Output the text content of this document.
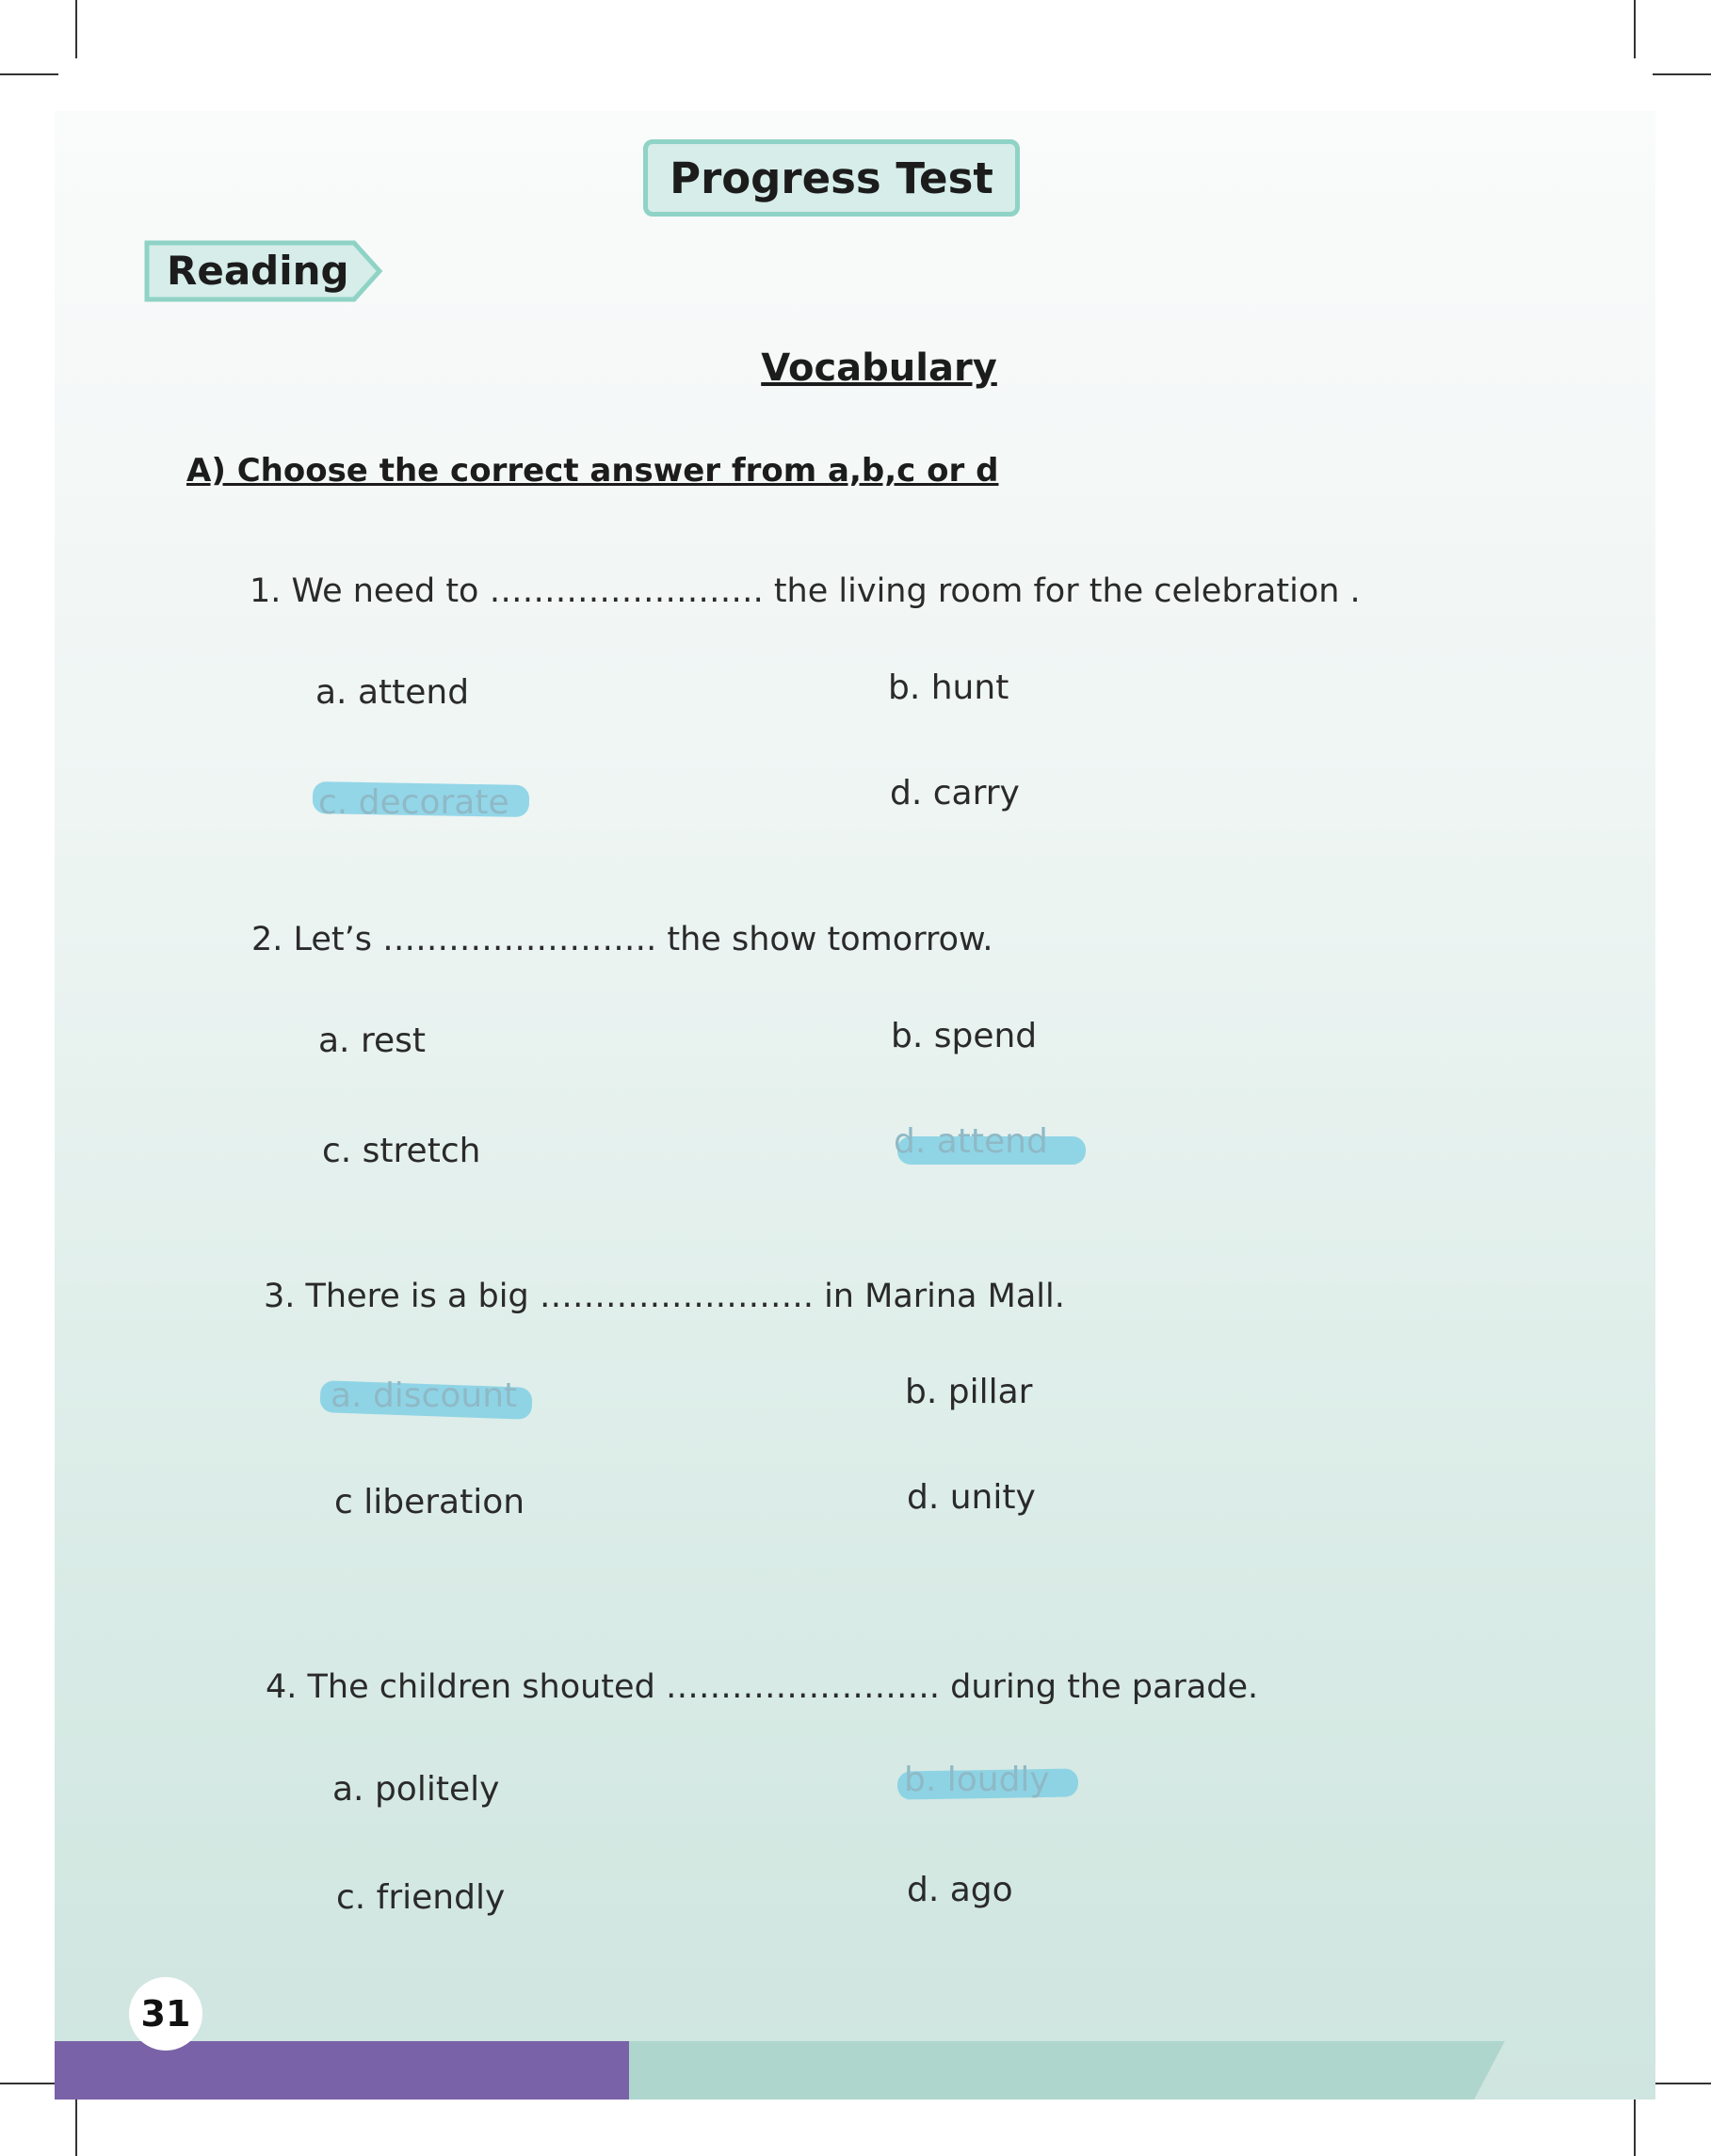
Progress Test
Reading
Vocabulary
A) Choose the correct answer from a,b,c or d
1. We need to ……………………. the living room for the celebration .
a. attend	b. hunt
c. decorate	d. carry
2. Let’s ……………………. the show tomorrow.
a. rest	b. spend
c. stretch	d. attend
3. There is a big ……………………. in Marina Mall.
a. discount	b. pillar
c liberation	d. unity
4. The children shouted ……………………. during the parade.
a. politely	b. loudly
c. friendly	d. ago
31
